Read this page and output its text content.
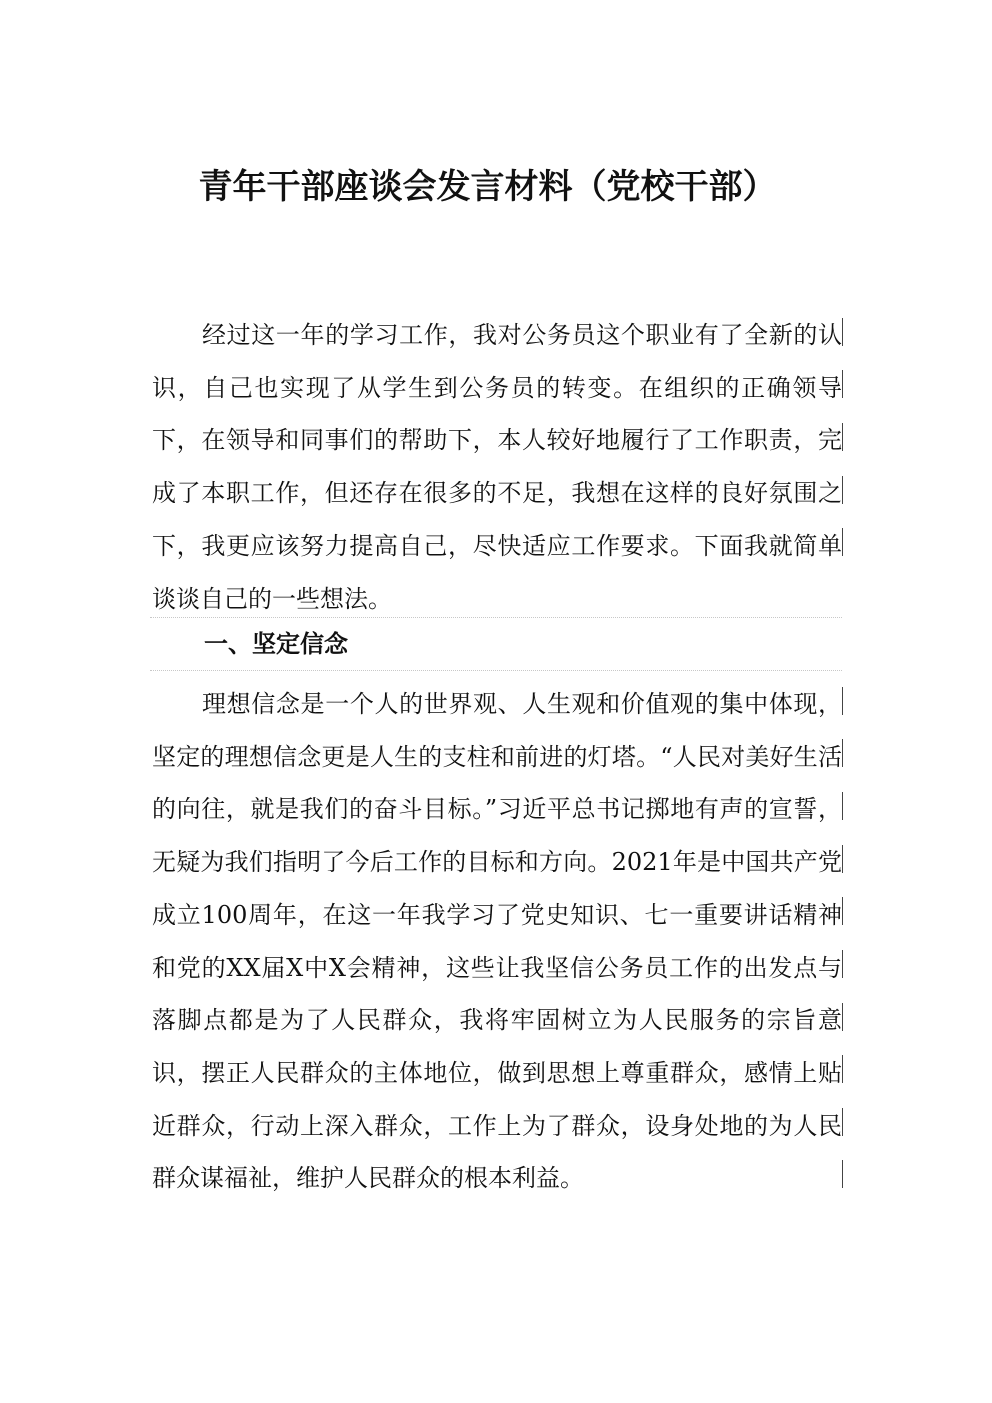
青年干部座谈会发言材料（党校干部）

经过这一年的学习工作，我对公务员这个职业有了全新的认识，自己也实现了从学生到公务员的转变。在组织的正确领导下，在领导和同事们的帮助下，本人较好地履行了工作职责，完成了本职工作，但还存在很多的不足，我想在这样的良好氛围之下，我更应该努力提高自己，尽快适应工作要求。下面我就简单谈谈自己的一些想法。

一、坚定信念

理想信念是一个人的世界观、人生观和价值观的集中体现，坚定的理想信念更是人生的支柱和前进的灯塔。“人民对美好生活的向往，就是我们的奋斗目标。”习近平总书记掷地有声的宣誓，无疑为我们指明了今后工作的目标和方向。2021年是中国共产党成立100周年，在这一年我学习了党史知识、七一重要讲话精神和党的XX届X中X会精神，这些让我坚信公务员工作的出发点与落脚点都是为了人民群众，我将牢固树立为人民服务的宗旨意识，摆正人民群众的主体地位，做到思想上尊重群众，感情上贴近群众，行动上深入群众，工作上为了群众，设身处地的为人民群众谋福祉，维护人民群众的根本利益。
